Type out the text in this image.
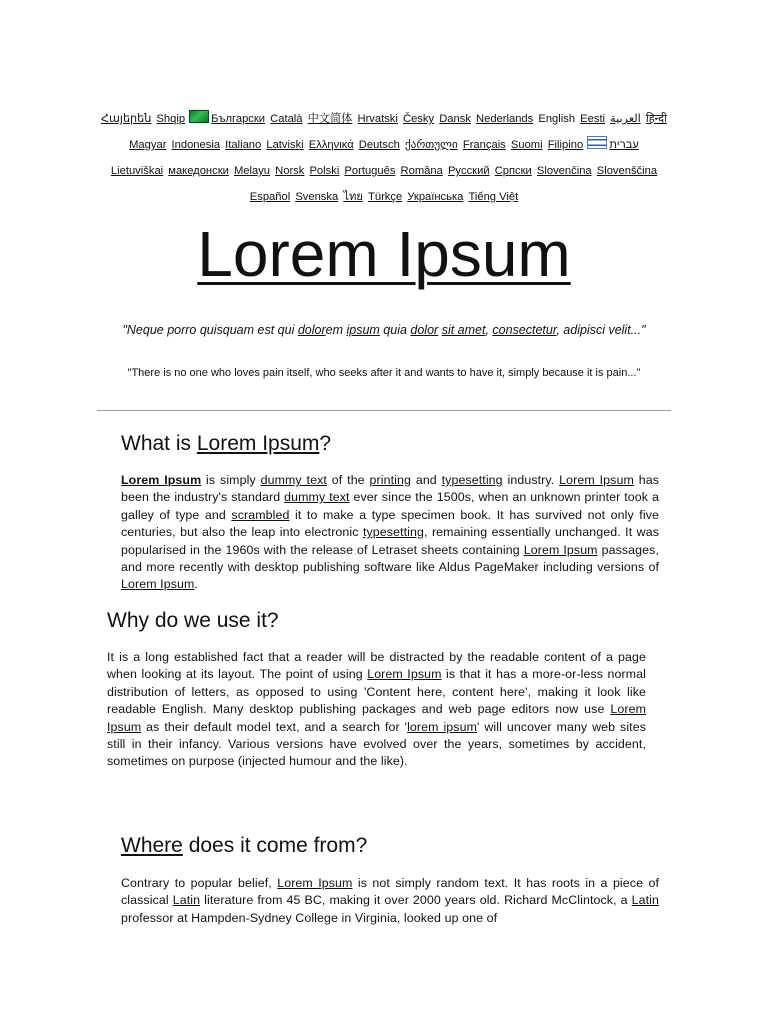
Հայերեն Shqip Български Català 中文简体 Hrvatski Česky Dansk Nederlands English Eesti العربية हिन्दी Magyar Indonesia Italiano Latviski Ελληνικά Deutsch ქართული Français Suomi Filipino עברית
Lietuviškai македонски Melayu Norsk Polski Português Româna Pyccкий Српски Slovenčina Slovenščina
Español Svenska ไทย Türkçe Українська Tiếng Việt
Lorem Ipsum

"Neque porro quisquam est qui dolorem ipsum quia dolor sit amet, consectetur, adipisci velit..."

"There is no one who loves pain itself, who seeks after it and wants to have it, simply because it is pain..."

What is Lorem Ipsum?

Lorem Ipsum is simply dummy text of the printing and typesetting industry. Lorem Ipsum has been the industry's standard dummy text ever since the 1500s, when an unknown printer took a galley of type and scrambled it to make a type specimen book. It has survived not only five centuries, but also the leap into electronic typesetting, remaining essentially unchanged. It was popularised in the 1960s with the release of Letraset sheets containing Lorem Ipsum passages, and more recently with desktop publishing software like Aldus PageMaker including versions of Lorem Ipsum.

Why do we use it?

It is a long established fact that a reader will be distracted by the readable content of a page when looking at its layout. The point of using Lorem Ipsum is that it has a more-or-less normal distribution of letters, as opposed to using 'Content here, content here', making it look like readable English. Many desktop publishing packages and web page editors now use Lorem Ipsum as their default model text, and a search for 'lorem ipsum' will uncover many web sites still in their infancy. Various versions have evolved over the years, sometimes by accident, sometimes on purpose (injected humour and the like).

Where does it come from?

Contrary to popular belief, Lorem Ipsum is not simply random text. It has roots in a piece of classical Latin literature from 45 BC, making it over 2000 years old. Richard McClintock, a Latin professor at Hampden-Sydney College in Virginia, looked up one of
